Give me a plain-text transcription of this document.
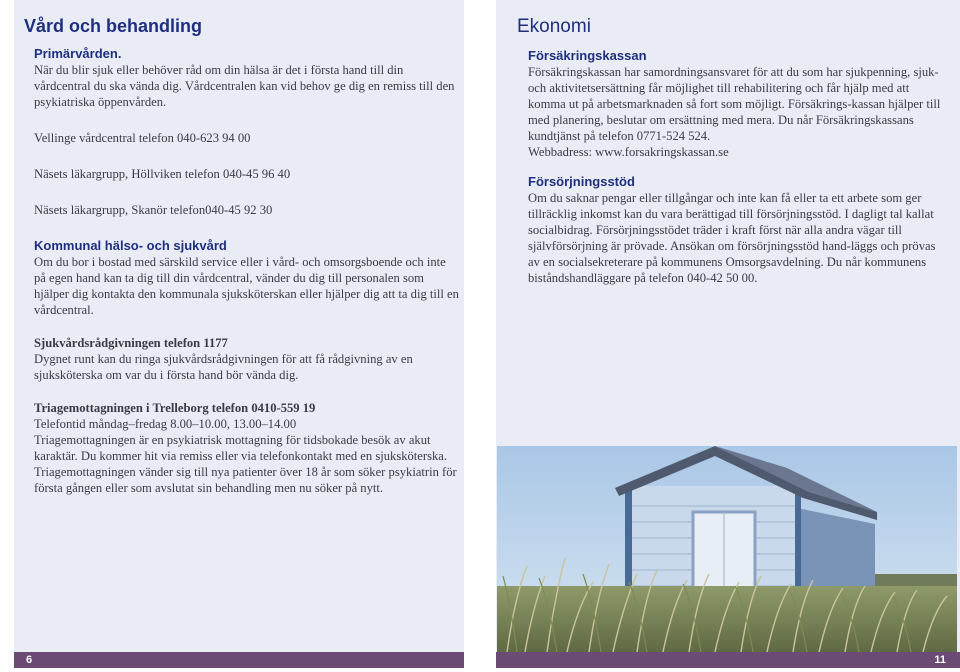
Vård och behandling

Primärvården.

När du blir sjuk eller behöver råd om din hälsa är det i första hand till din vårdcentral du ska vända dig. Vårdcentralen kan vid behov ge dig en remiss till den psykiatriska öppenvården.

Vellinge vårdcentral telefon 040-623 94 00

Näsets läkargrupp, Höllviken telefon 040-45 96 40

Näsets läkargrupp, Skanör telefon040-45 92 30

Kommunal hälso- och sjukvård

Om du bor i bostad med särskild service eller i vård- och omsorgsboende och inte på egen hand kan ta dig till din vårdcentral, vänder du dig till personalen som hjälper dig kontakta den kommunala sjuksköterskan eller hjälper dig att ta dig till en vårdcentral.

Sjukvårdsrådgivningen telefon 1177

Dygnet runt kan du ringa sjukvårdsrådgivningen för att få rådgivning av en sjuksköterska om var du i första hand bör vända dig.

Triagemottagningen i Trelleborg telefon 0410-559 19

Telefontid måndag–fredag 8.00–10.00, 13.00–14.00

Triagemottagningen är en psykiatrisk mottagning för tidsbokade besök av akut karaktär. Du kommer hit via remiss eller via telefonkontakt med en sjuksköterska. Triagemottagningen vänder sig till nya patienter över 18 år som söker psykiatrin för första gången eller som avslutat sin behandling men nu söker på nytt.

6
Ekonomi

Försäkringskassan

Försäkringskassan har samordningsansvaret för att du som har sjukpenning, sjuk- och aktivitetsersättning får möjlighet till rehabilitering och får hjälp med att komma ut på arbetsmarknaden så fort som möjligt. Försäkrings-kassan hjälper till med planering, beslutar om ersättning med mera. Du når Försäkringskassans kundtjänst på telefon 0771-524 524.

Webbadress: www.forsakringskassan.se

Försörjningsstöd

Om du saknar pengar eller tillgångar och inte kan få eller ta ett arbete som ger tillräcklig inkomst kan du vara berättigad till försörjningsstöd. I dagligt tal kallat socialbidrag. Försörjningsstödet träder i kraft först när alla andra vägar till självförsörjning är prövade. Ansökan om försörjningsstöd hand-läggs och prövas av en socialsekreterare på kommunens Omsorgsavdelning. Du når kommunens biståndshandläggare på telefon 040-42 50 00.

11
